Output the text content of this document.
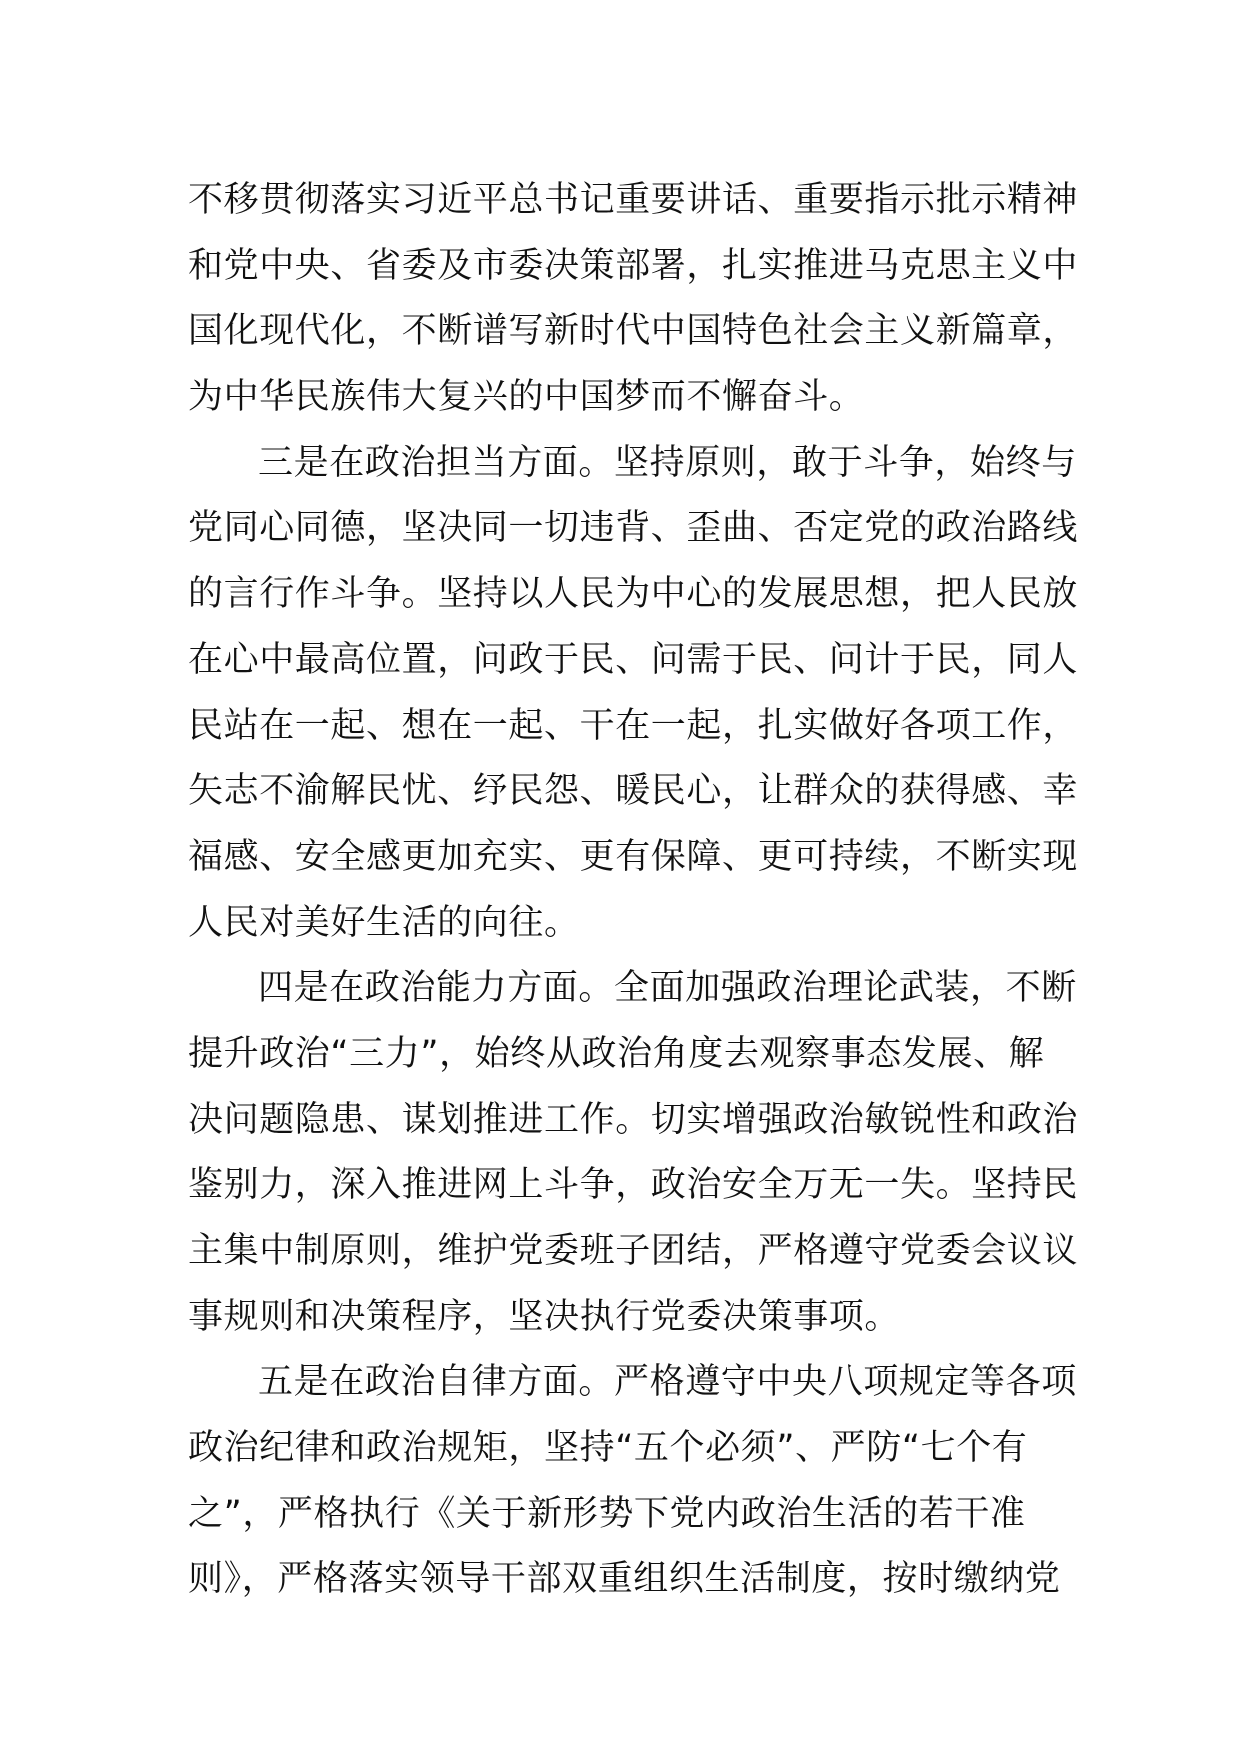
不移贯彻落实习近平总书记重要讲话、重要指示批示精神
和党中央、省委及市委决策部署，扎实推进马克思主义中
国化现代化，不断谱写新时代中国特色社会主义新篇章，
为中华民族伟大复兴的中国梦而不懈奋斗。
三是在政治担当方面。坚持原则，敢于斗争，始终与
党同心同德，坚决同一切违背、歪曲、否定党的政治路线
的言行作斗争。坚持以人民为中心的发展思想，把人民放
在心中最高位置，问政于民、问需于民、问计于民，同人
民站在一起、想在一起、干在一起，扎实做好各项工作，
矢志不渝解民忧、纾民怨、暖民心，让群众的获得感、幸
福感、安全感更加充实、更有保障、更可持续，不断实现
人民对美好生活的向往。
四是在政治能力方面。全面加强政治理论武装，不断
提升政治“三力”，始终从政治角度去观察事态发展、解
决问题隐患、谋划推进工作。切实增强政治敏锐性和政治
鉴别力，深入推进网上斗争，政治安全万无一失。坚持民
主集中制原则，维护党委班子团结，严格遵守党委会议议
事规则和决策程序，坚决执行党委决策事项。
五是在政治自律方面。严格遵守中央八项规定等各项
政治纪律和政治规矩，坚持“五个必须”、严防“七个有
之”，严格执行《关于新形势下党内政治生活的若干准
则》，严格落实领导干部双重组织生活制度，按时缴纳党
